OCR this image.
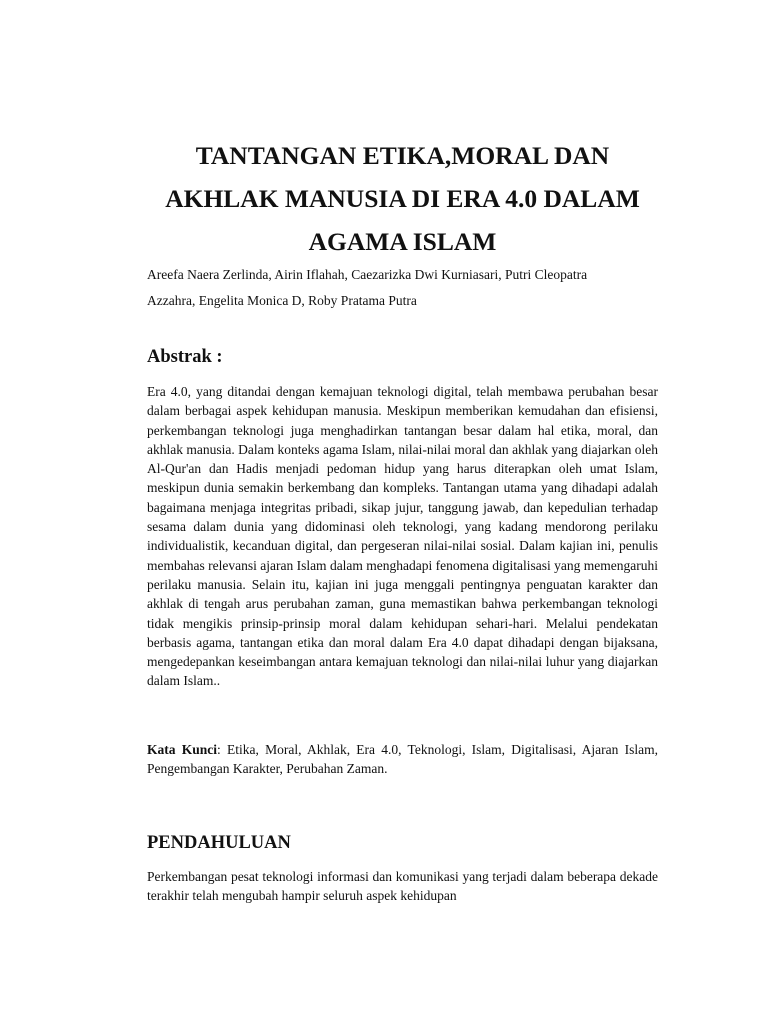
TANTANGAN ETIKA,MORAL DAN
AKHLAK MANUSIA DI ERA 4.0 DALAM
AGAMA ISLAM

Areefa Naera Zerlinda, Airin Iflahah, Caezarizka Dwi Kurniasari, Putri Cleopatra
Azzahra, Engelita Monica D, Roby Pratama Putra

Abstrak :

Era 4.0, yang ditandai dengan kemajuan teknologi digital, telah membawa perubahan besar dalam berbagai aspek kehidupan manusia. Meskipun memberikan kemudahan dan efisiensi, perkembangan teknologi juga menghadirkan tantangan besar dalam hal etika, moral, dan akhlak manusia. Dalam konteks agama Islam, nilai-nilai moral dan akhlak yang diajarkan oleh Al-Qur'an dan Hadis menjadi pedoman hidup yang harus diterapkan oleh umat Islam, meskipun dunia semakin berkembang dan kompleks. Tantangan utama yang dihadapi adalah bagaimana menjaga integritas pribadi, sikap jujur, tanggung jawab, dan kepedulian terhadap sesama dalam dunia yang didominasi oleh teknologi, yang kadang mendorong perilaku individualistik, kecanduan digital, dan pergeseran nilai-nilai sosial. Dalam kajian ini, penulis membahas relevansi ajaran Islam dalam menghadapi fenomena digitalisasi yang memengaruhi perilaku manusia. Selain itu, kajian ini juga menggali pentingnya penguatan karakter dan akhlak di tengah arus perubahan zaman, guna memastikan bahwa perkembangan teknologi tidak mengikis prinsip-prinsip moral dalam kehidupan sehari-hari. Melalui pendekatan berbasis agama, tantangan etika dan moral dalam Era 4.0 dapat dihadapi dengan bijaksana, mengedepankan keseimbangan antara kemajuan teknologi dan nilai-nilai luhur yang diajarkan dalam Islam..

Kata Kunci: Etika, Moral, Akhlak, Era 4.0, Teknologi, Islam, Digitalisasi, Ajaran Islam, Pengembangan Karakter, Perubahan Zaman.

PENDAHULUAN

Perkembangan pesat teknologi informasi dan komunikasi yang terjadi dalam beberapa dekade terakhir telah mengubah hampir seluruh aspek kehidupan
